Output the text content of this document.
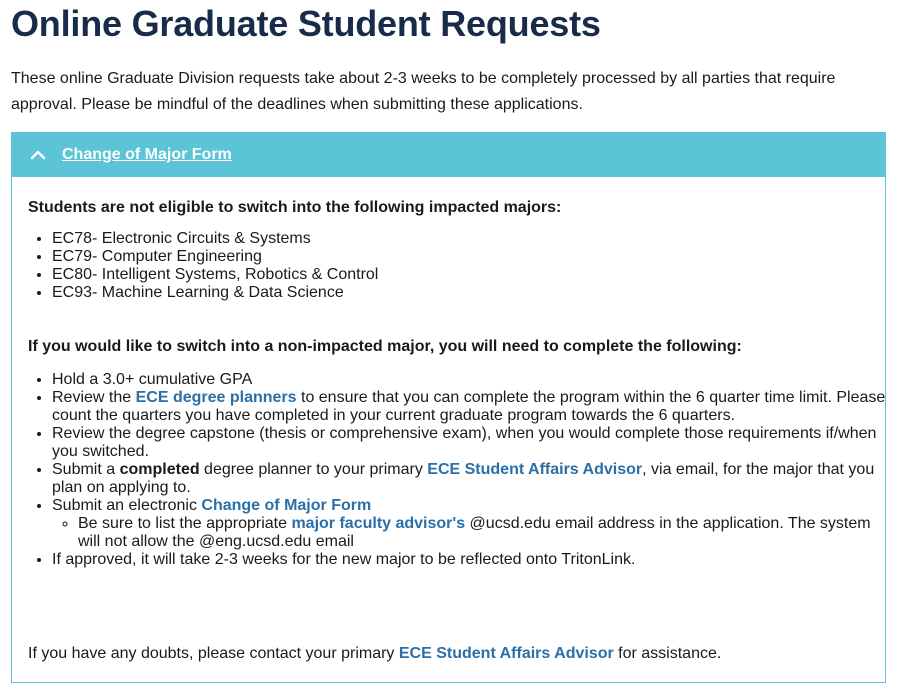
Online Graduate Student Requests

These online Graduate Division requests take about 2-3 weeks to be completely processed by all parties that require approval. Please be mindful of the deadlines when submitting these applications.

Change of Major Form

Students are not eligible to switch into the following impacted majors:

• EC78- Electronic Circuits & Systems
• EC79- Computer Engineering
• EC80- Intelligent Systems, Robotics & Control
• EC93- Machine Learning & Data Science

If you would like to switch into a non-impacted major, you will need to complete the following:

• Hold a 3.0+ cumulative GPA
• Review the ECE degree planners to ensure that you can complete the program within the 6 quarter time limit. Please count the quarters you have completed in your current graduate program towards the 6 quarters.
• Review the degree capstone (thesis or comprehensive exam), when you would complete those requirements if/when you switched.
• Submit a completed degree planner to your primary ECE Student Affairs Advisor, via email, for the major that you plan on applying to.
• Submit an electronic Change of Major Form
◦ Be sure to list the appropriate major faculty advisor's @ucsd.edu email address in the application. The system will not allow the @eng.ucsd.edu email
• If approved, it will take 2-3 weeks for the new major to be reflected onto TritonLink.

If you have any doubts, please contact your primary ECE Student Affairs Advisor for assistance.
